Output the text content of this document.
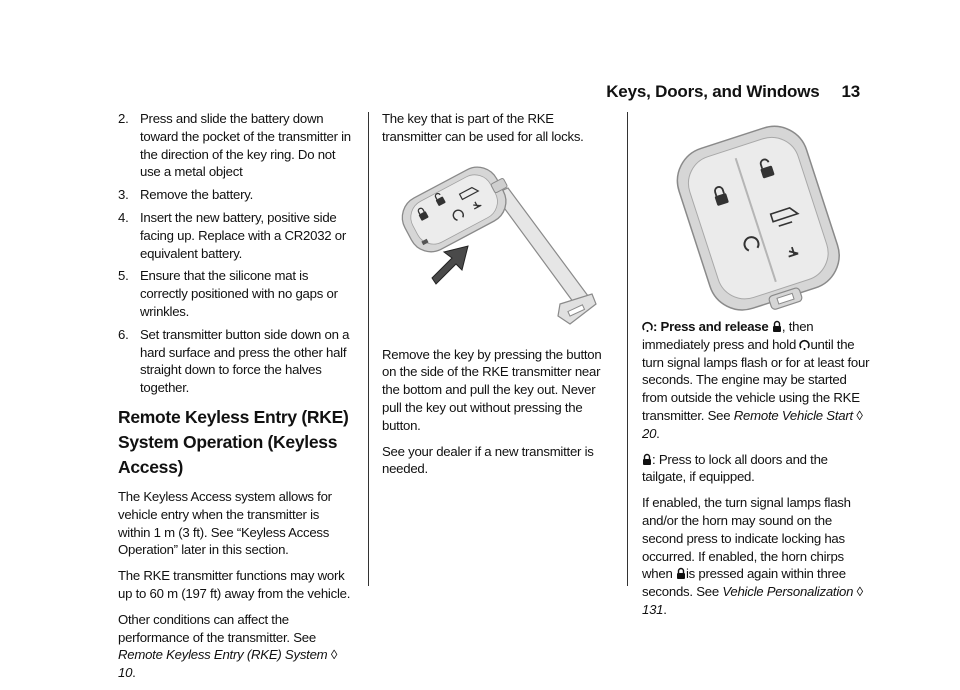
Keys, Doors, and Windows 13
2. Press and slide the battery down toward the pocket of the transmitter in the direction of the key ring. Do not use a metal object
3. Remove the battery.
4. Insert the new battery, positive side facing up. Replace with a CR2032 or equivalent battery.
5. Ensure that the silicone mat is correctly positioned with no gaps or wrinkles.
6. Set transmitter button side down on a hard surface and press the other half straight down to force the halves together.
Remote Keyless Entry (RKE) System Operation (Keyless Access)

The Keyless Access system allows for vehicle entry when the transmitter is within 1 m (3 ft). See “Keyless Access Operation” later in this section.

The RKE transmitter functions may work up to 60 m (197 ft) away from the vehicle.

Other conditions can affect the performance of the transmitter. See Remote Keyless Entry (RKE) System ◊ 10.

The key that is part of the RKE transmitter can be used for all locks.

Remove the key by pressing the button on the side of the RKE transmitter near the bottom and pull the key out. Never pull the key out without pressing the button.

See your dealer if a new transmitter is needed.

: Press and release , then immediately press and hold until the turn signal lamps flash or for at least four seconds. The engine may be started from outside the vehicle using the RKE transmitter. See Remote Vehicle Start ◊ 20.

: Press to lock all doors and the tailgate, if equipped.

If enabled, the turn signal lamps flash and/or the horn may sound on the second press to indicate locking has occurred. If enabled, the horn chirps when is pressed again within three seconds. See Vehicle Personalization ◊ 131.
